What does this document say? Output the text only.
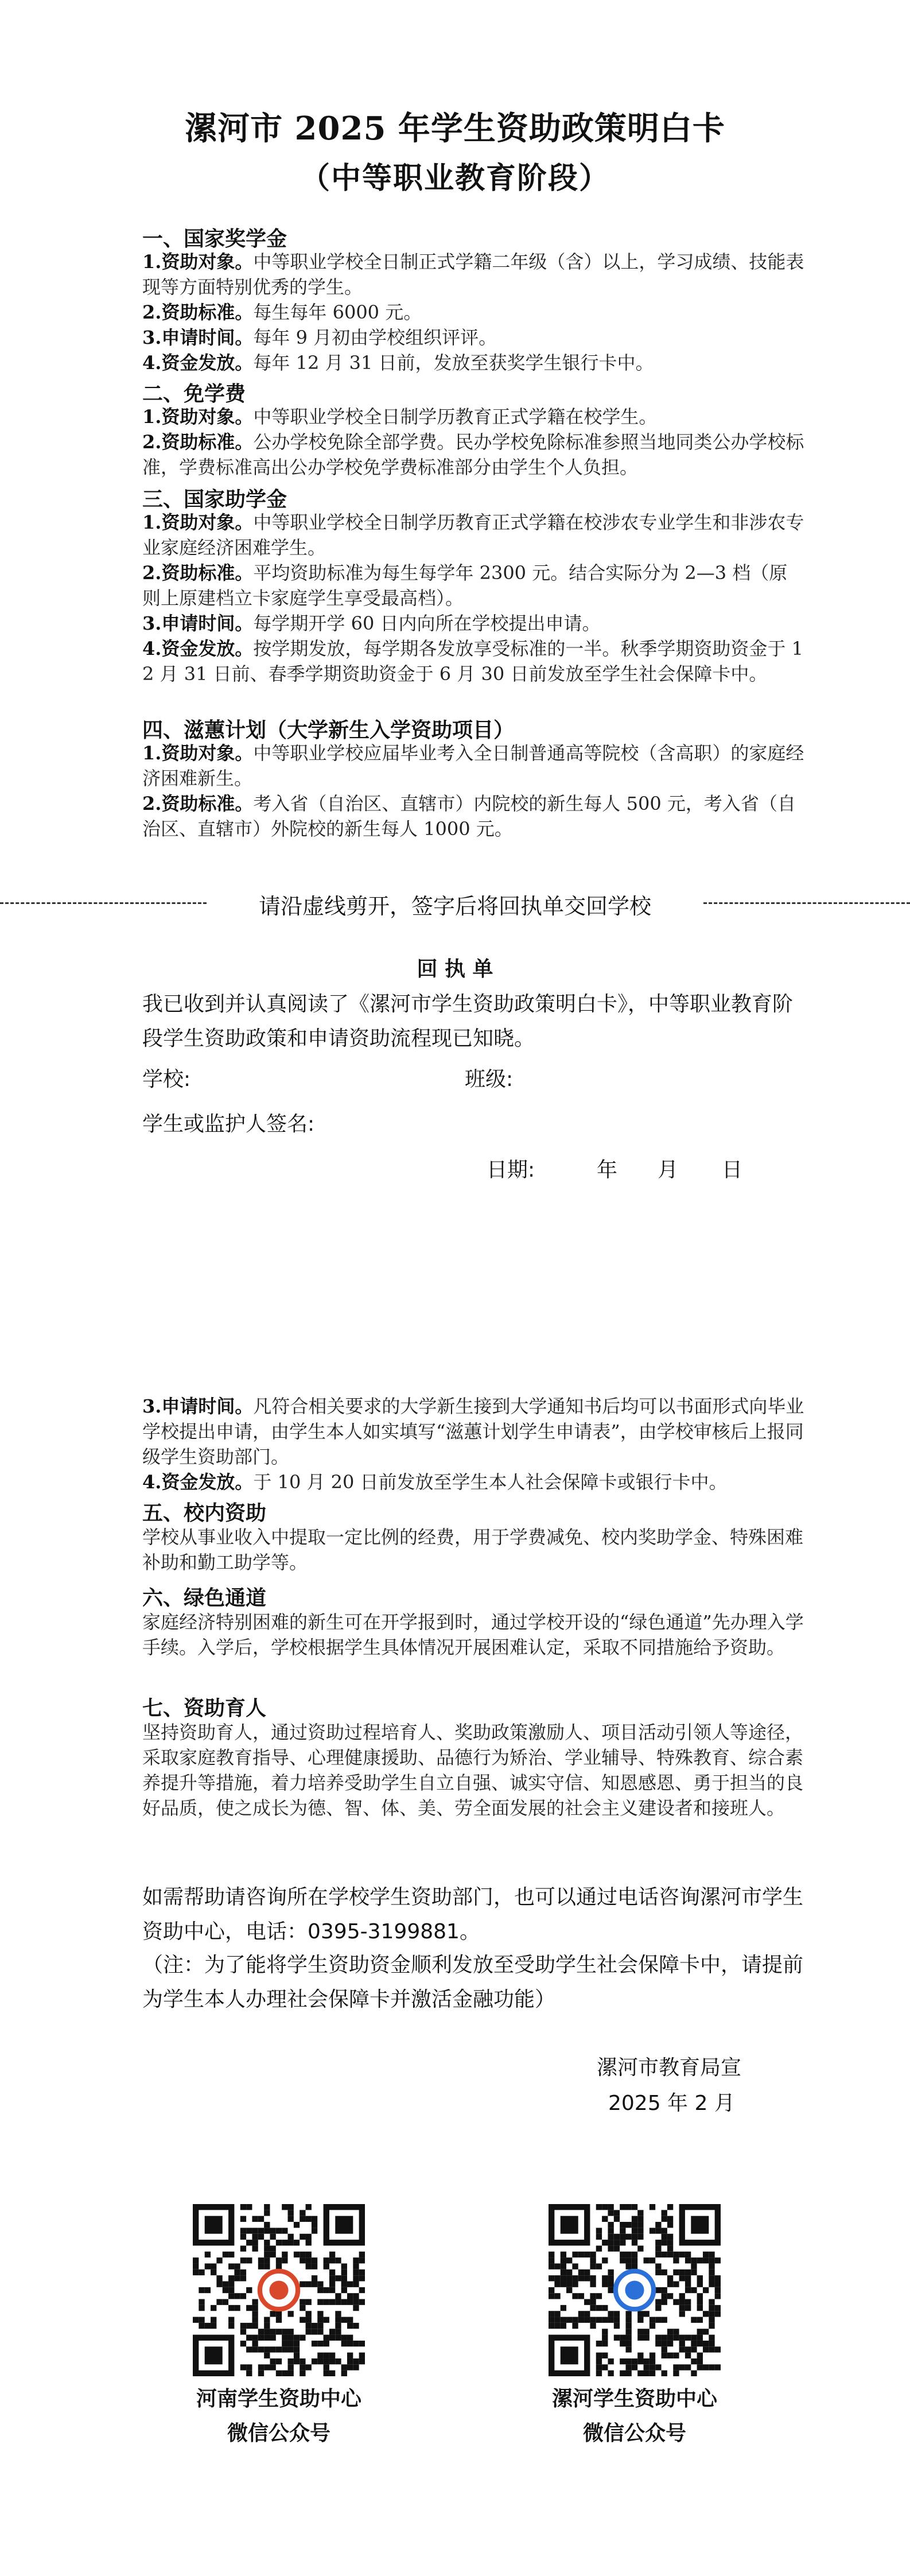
漯河市 2025 年学生资助政策明白卡
（中等职业教育阶段）
一、国家奖学金
1.资助对象。中等职业学校全日制正式学籍二年级（含）以上，学习成绩、技能表现等方面特别优秀的学生。
2.资助标准。每生每年 6000 元。
3.申请时间。每年 9 月初由学校组织评评。
4.资金发放。每年 12 月 31 日前，发放至获奖学生银行卡中。
二、免学费
1.资助对象。中等职业学校全日制学历教育正式学籍在校学生。
2.资助标准。公办学校免除全部学费。民办学校免除标准参照当地同类公办学校标准，学费标准高出公办学校免学费标准部分由学生个人负担。
三、国家助学金
1.资助对象。中等职业学校全日制学历教育正式学籍在校涉农专业学生和非涉农专业家庭经济困难学生。
2.资助标准。平均资助标准为每生每学年 2300 元。结合实际分为 2—3 档（原则上原建档立卡家庭学生享受最高档）。
3.申请时间。每学期开学 60 日内向所在学校提出申请。
4.资金发放。按学期发放，每学期各发放享受标准的一半。秋季学期资助资金于 12 月 31 日前、春季学期资助资金于 6 月 30 日前发放至学生社会保障卡中。
四、滋蕙计划（大学新生入学资助项目）
1.资助对象。中等职业学校应届毕业考入全日制普通高等院校（含高职）的家庭经济困难新生。
2.资助标准。考入省（自治区、直辖市）内院校的新生每人 500 元，考入省（自治区、直辖市）外院校的新生每人 1000 元。
请沿虚线剪开，签字后将回执单交回学校
回 执 单
我已收到并认真阅读了《漯河市学生资助政策明白卡》，中等职业教育阶段学生资助政策和申请资助流程现已知晓。
学校:	班级:
学生或监护人签名:
日期:	年 月 日
3.申请时间。凡符合相关要求的大学新生接到大学通知书后均可以书面形式向毕业学校提出申请，由学生本人如实填写“滋蕙计划学生申请表”，由学校审核后上报同级学生资助部门。
4.资金发放。于 10 月 20 日前发放至学生本人社会保障卡或银行卡中。
五、校内资助
学校从事业收入中提取一定比例的经费，用于学费减免、校内奖助学金、特殊困难补助和勤工助学等。
六、绿色通道
家庭经济特别困难的新生可在开学报到时，通过学校开设的“绿色通道”先办理入学手续。入学后，学校根据学生具体情况开展困难认定，采取不同措施给予资助。
七、资助育人
坚持资助育人，通过资助过程培育人、奖助政策激励人、项目活动引领人等途径，采取家庭教育指导、心理健康援助、品德行为矫治、学业辅导、特殊教育、综合素养提升等措施，着力培养受助学生自立自强、诚实守信、知恩感恩、勇于担当的良好品质，使之成长为德、智、体、美、劳全面发展的社会主义建设者和接班人。
如需帮助请咨询所在学校学生资助部门，也可以通过电话咨询漯河市学生资助中心，电话：0395-3199881。
（注：为了能将学生资助资金顺利发放至受助学生社会保障卡中，请提前为学生本人办理社会保障卡并激活金融功能）
漯河市教育局宣
2025 年 2 月
河南学生资助中心
微信公众号
漯河学生资助中心
微信公众号
